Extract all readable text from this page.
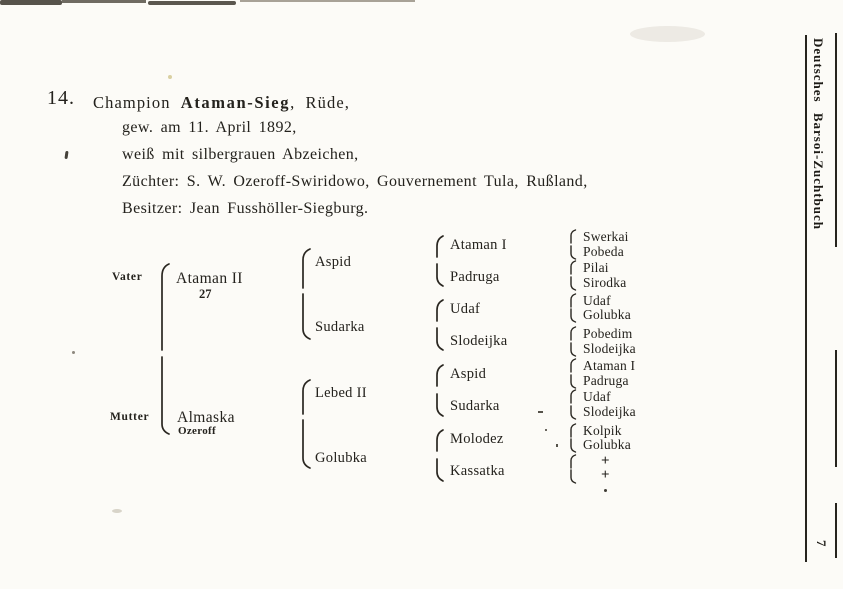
14. Champion Ataman-Sieg, Rüde,
gew. am 11. April 1892,
weiß mit silbergrauen Abzeichen,
Züchter: S. W. Ozeroff-Swiridowo, Gouvernement Tula, Rußland,
Besitzer: Jean Fusshöller-Siegburg.
Vater
Mutter
Ataman II
27
Almaska
Ozeroff
Aspid
Sudarka
Lebed II
Golubka
Ataman I
Padruga
Udaf
Slodeijka
Aspid
Sudarka
Molodez
Kassatka
Swerkai
Pobeda
Pilai
Sirodka
Udaf
Golubka
Pobedim
Slodeijka
Ataman I
Padruga
Udaf
Slodeijka
Kolpik
Golubka
+
+
Deutsches Barsoi-Zuchtbuch
7
